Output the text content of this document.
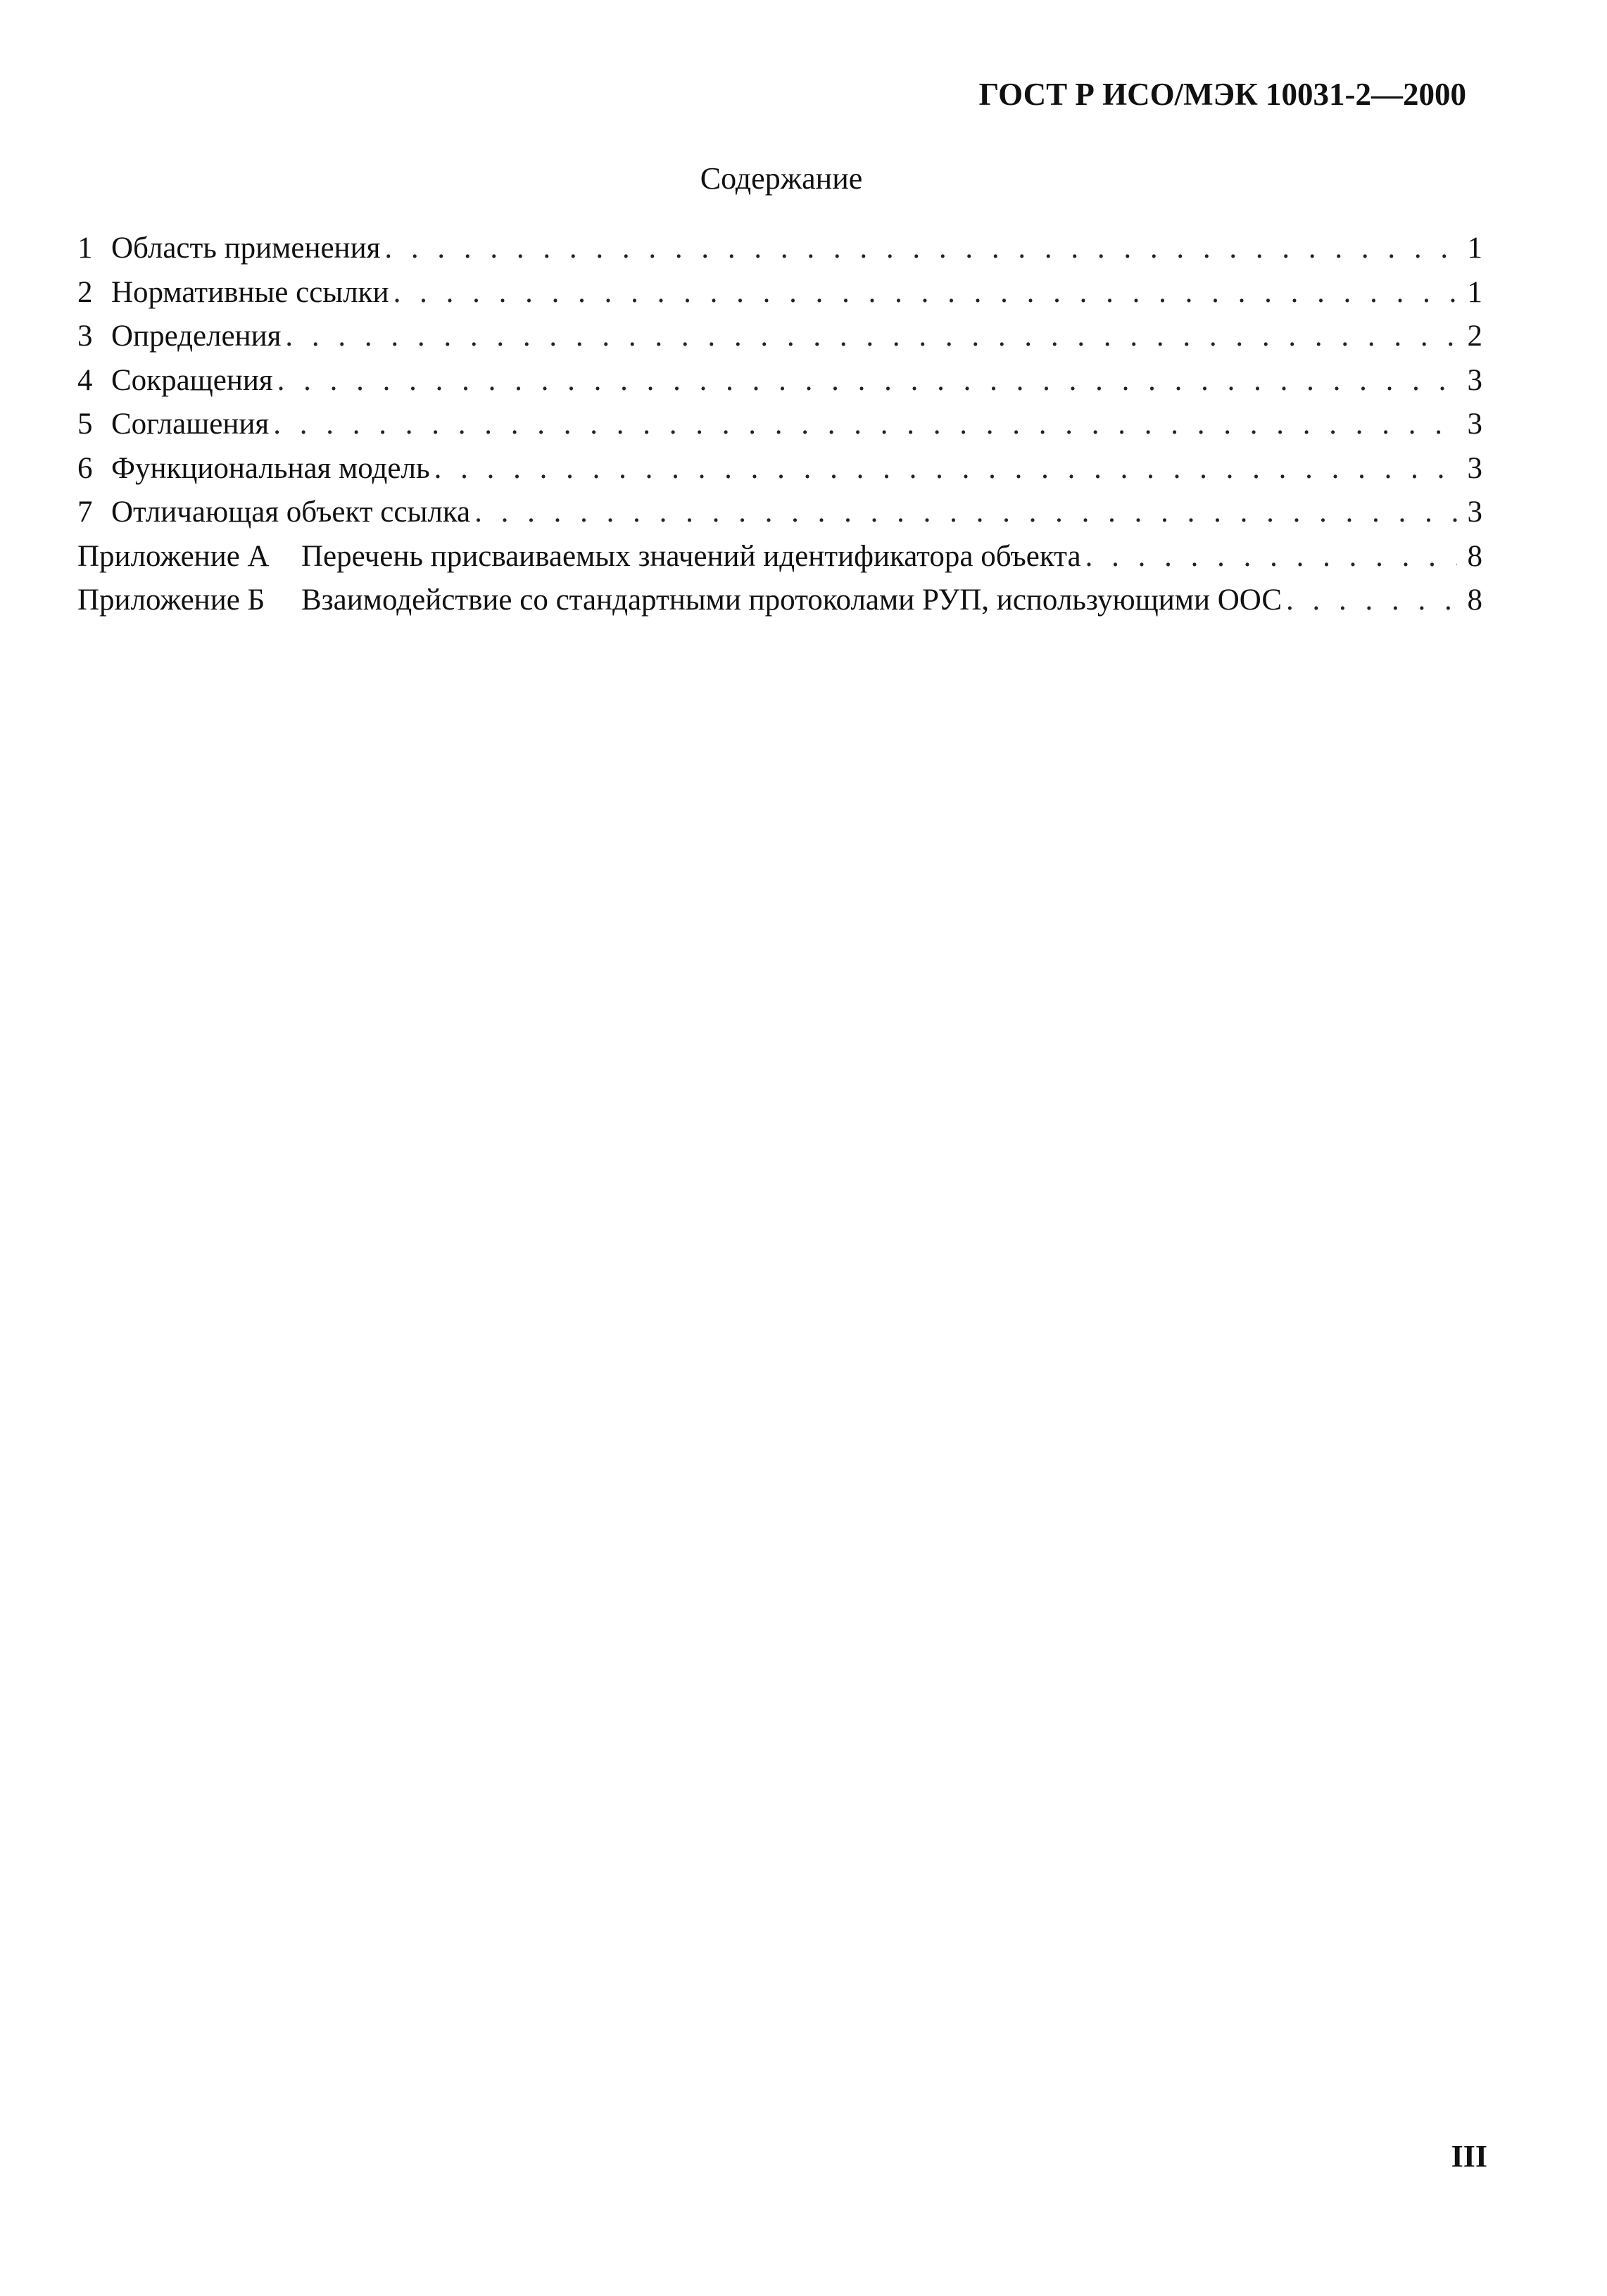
ГОСТ Р ИСО/МЭК 10031-2—2000
Содержание
1 Область применения . . .	1
2 Нормативные ссылки . . .	1
3 Определения . . .	2
4 Сокращения . . .	3
5 Соглашения . . .	3
6 Функциональная модель . . .	3
7 Отличающая объект ссылка . . .	3
Приложение А	Перечень присваиваемых значений идентификатора объекта . . .	8
Приложение Б	Взаимодействие со стандартными протоколами РУП, использующими ООС . . .	8
III
